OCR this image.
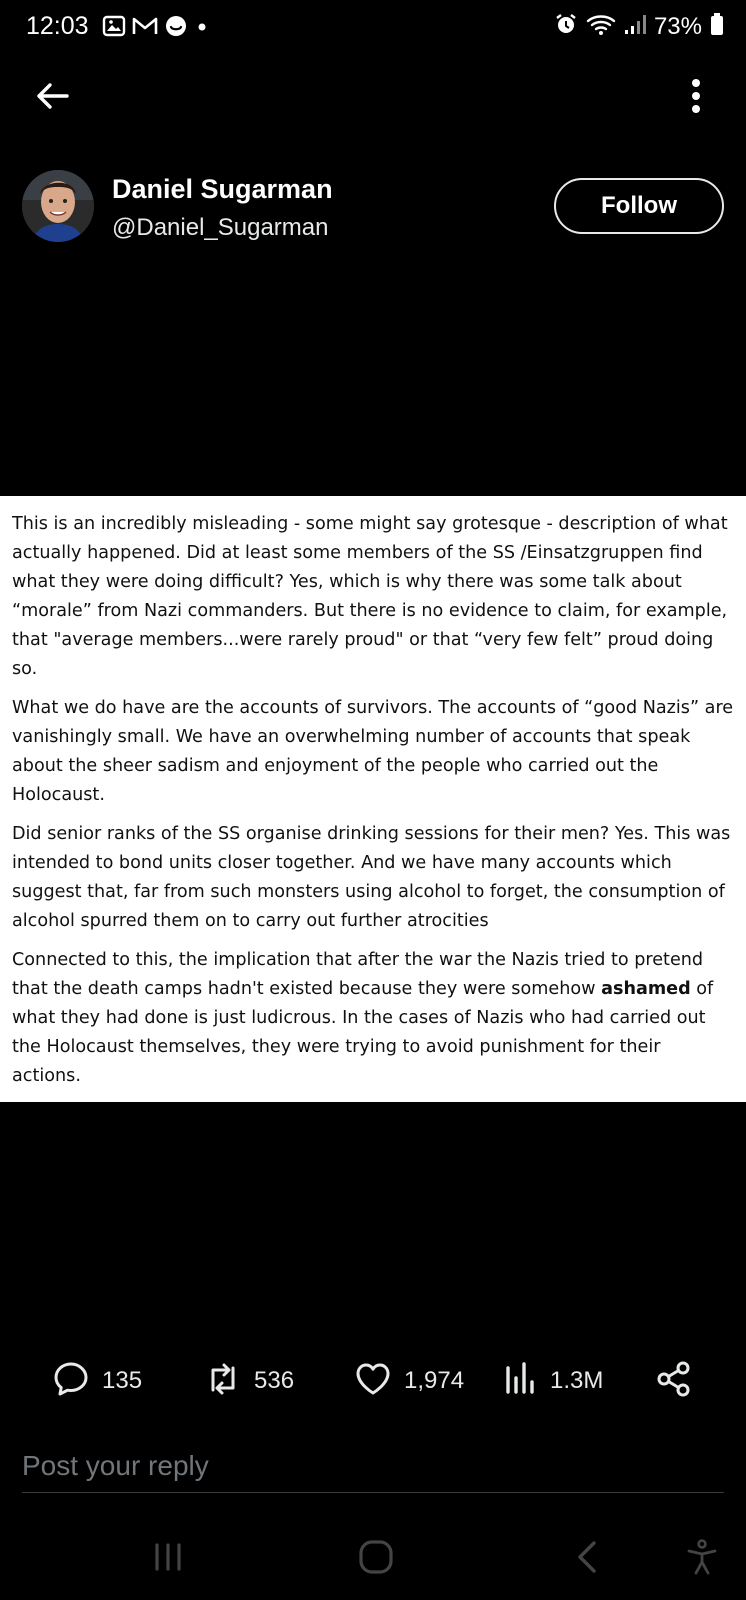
12:03	73%
Daniel Sugarman
@Daniel_Sugarman
Follow

This is an incredibly misleading - some might say grotesque - description of what actually happened. Did at least some members of the SS /Einsatzgruppen find what they were doing difficult? Yes, which is why there was some talk about “morale” from Nazi commanders. But there is no evidence to claim, for example, that "average members...were rarely proud" or that “very few felt” proud doing so.

What we do have are the accounts of survivors. The accounts of “good Nazis” are vanishingly small. We have an overwhelming number of accounts that speak about the sheer sadism and enjoyment of the people who carried out the Holocaust.

Did senior ranks of the SS organise drinking sessions for their men? Yes. This was intended to bond units closer together. And we have many accounts which suggest that, far from such monsters using alcohol to forget, the consumption of alcohol spurred them on to carry out further atrocities

Connected to this, the implication that after the war the Nazis tried to pretend that the death camps hadn't existed because they were somehow ashamed of what they had done is just ludicrous. In the cases of Nazis who had carried out the Holocaust themselves, they were trying to avoid punishment for their actions.

135	536	1,974	1.3M
Post your reply
